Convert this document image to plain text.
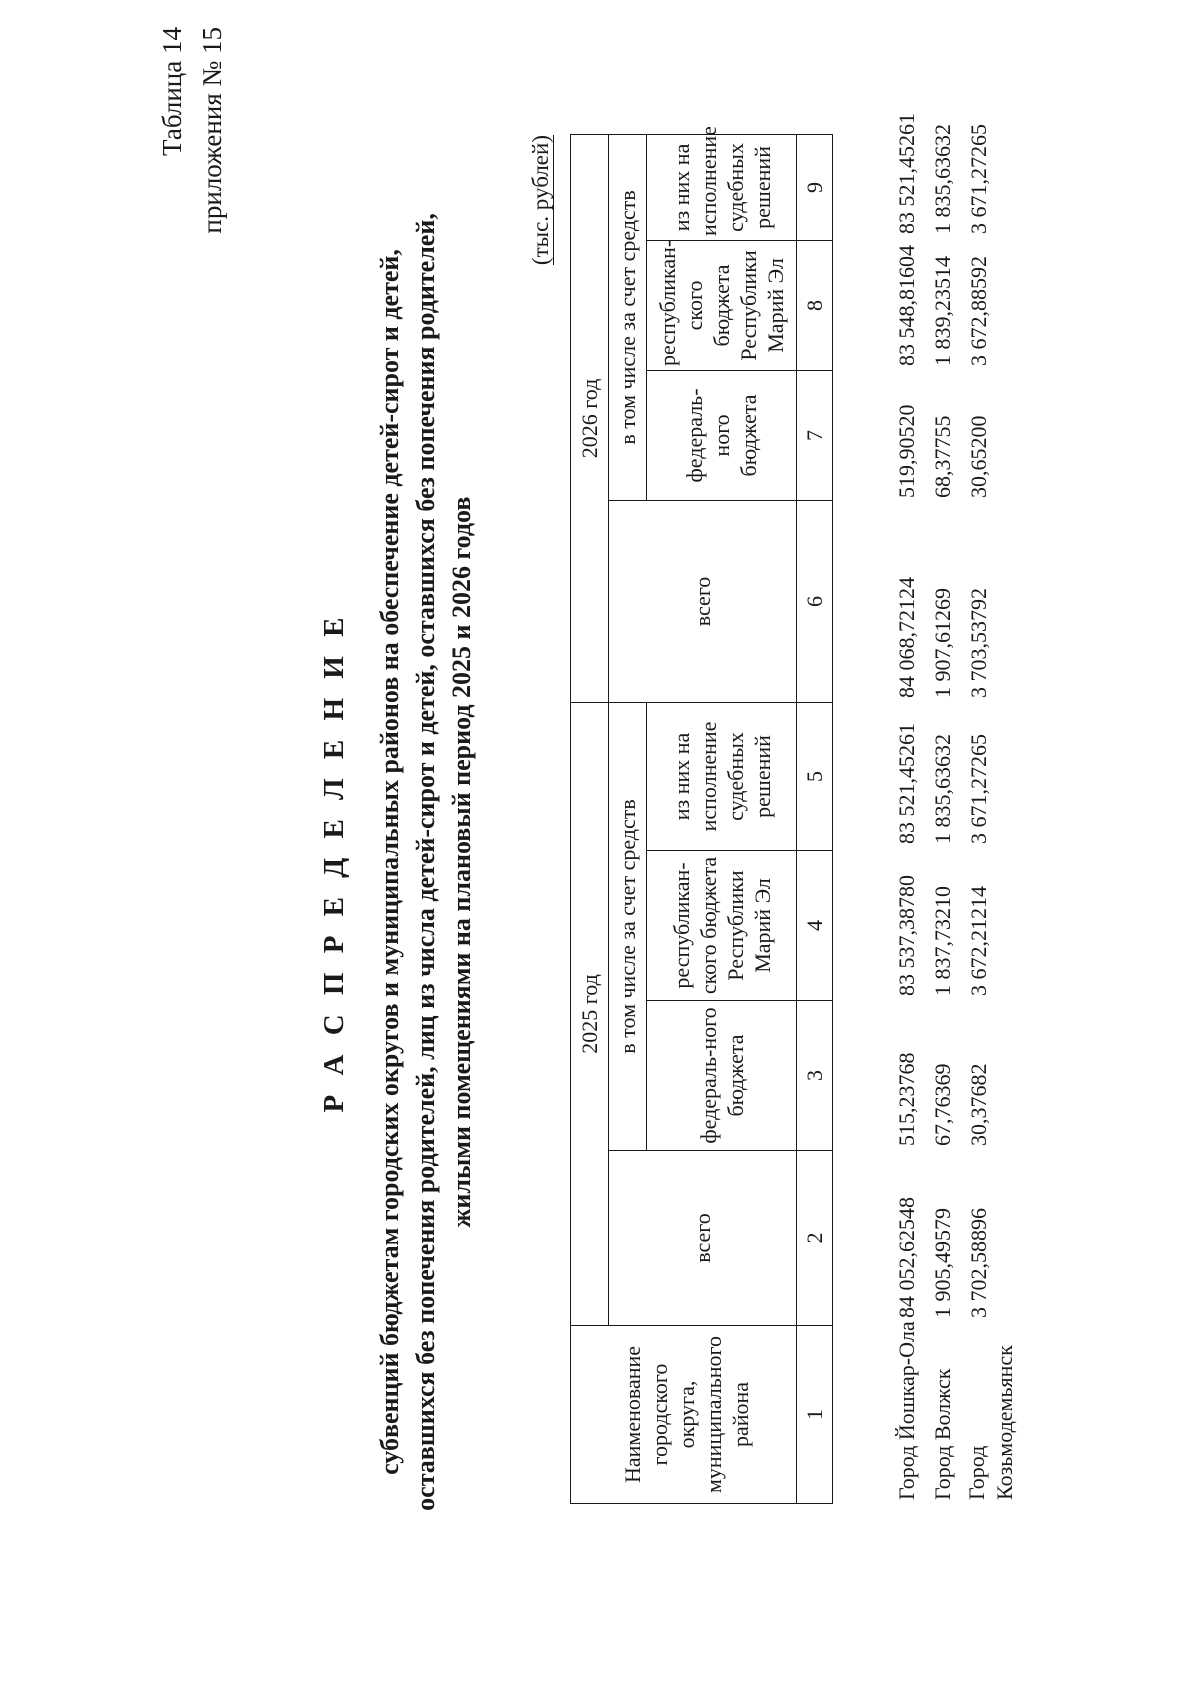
Таблица 14 приложения № 15
Р А С П Р Е Д Е Л Е Н И Е субвенций бюджетам городских округов и муниципальных районов на обеспечение детей-сирот и детей, оставшихся без попечения родителей, лиц из числа детей-сирот и детей, оставшихся без попечения родителей, жилыми помещениями на плановый период 2025 и 2026 годов
(тыс. рублей)
Наименование городского округа, муниципального района	2025 год				2026 год			
	всего	в том числе за счет средств			всего	в том числе за счет средств		
		федераль-ного бюджета	республикан-ского бюджета Республики Марий Эл	из них на исполнение судебных решений		федераль-ного бюджета	республикан-ского бюджета Республики Марий Эл	из них на исполнение судебных решений
1	2	3	4	5	6	7	8	9
Город Йошкар-Ола	84 052,62548	515,23768	83 537,38780	83 521,45261	84 068,72124	519,90520	83 548,81604	83 521,45261
Город Волжск	1 905,49579	67,76369	1 837,73210	1 835,63632	1 907,61269	68,37755	1 839,23514	1 835,63632
Город Козьмодемьянск	3 702,58896	30,37682	3 672,21214	3 671,27265	3 703,53792	30,65200	3 672,88592	3 671,27265
